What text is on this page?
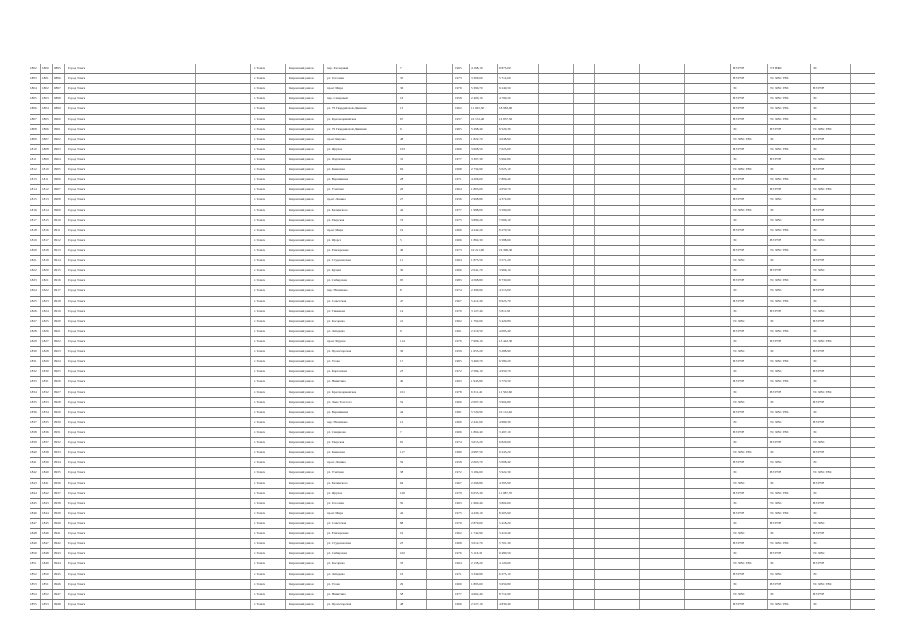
1802 1800 0895 Город Томск	г. Томск	Кировский район	пер. Заозерный	7	1965	4 168,10	8 875,00	ВЭ РУВ	ТЭ НЖС	ЭС
1803 1801 0896 Город Томск	г. Томск	Кировский район	ул. Гоголева	35	1973	3 309,00	5 712,00	ВЭ РУВ	ТС ХВС ГВС
1804 1802 0897 Город Томск	г. Томск	Кировский район	пр-кт Мира	36	1979	5 390,70	9 240,50	ЭС	ТС ХВС ГВС	ВЭ РУВ
1805 1803 0898 Город Томск	г. Томск	Кировский район	пер. Северный	16	1958	2 400,10	4 799,20	ВЭ РУВ	ТС ХВС ГВС	ЭС
1806 1804 0899 Город Томск	г. Томск	Кировский район	ул. 79 Гвардейской Дивизии	13	1962	11 925,30	18 983,00	ВЭ РУВ	ТС ХВС ГВС	ЭС
1807 1805 0900 Город Томск	г. Томск	Кировский район	ул. Красноармейская	67	1957	10 131,40	12 857,50	ВЭ РУВ	ТС ХВС ГВС	ЭС
1808 1806 0901 Город Томск	г. Томск	Кировский район	ул. 79 Гвардейской Дивизии	9	1965	5 298,40	9 520,30	ЭС	ВЭ РУВ	ТС ХВС ГВС
1809 1807 0902 Город Томск	г. Томск	Кировский район	пр-кт Кирова	48	1959	1 822,70	4 048,90	ТС ХВС ГВС	ЭС	ВЭ РУВ
1810 1808 0903 Город Томск	г. Томск	Кировский район	ул. Фрунзе	103	1966	3 608,50	7 025,00	ВЭ РУВ	ТС ХВС ГВС	ЭС
1811 1809 0904 Город Томск	г. Томск	Кировский район	ул. Партизанская	31	1977	3 307,30	5 992,80	ЭС	ВЭ РУВ	ТС ХВС
1812 1810 0905 Город Томск	г. Томск	Кировский район	ул. Киевская	92	1968	2 734,90	5 025,10	ТС ХВС ГВС	ЭС	ВЭ РУВ
1813 1811 0906 Город Томск	г. Томск	Кировский район	ул. Вершинина	28	1971	4 206,00	7 809,40	ВЭ РУВ	ТС ХВС ГВС	ЭС
1814 1812 0907 Город Томск	г. Томск	Кировский район	ул. Учебная	26	1964	1 865,00	4 050,70	ЭС	ВЭ РУВ	ТС ХВС ГВС
1815 1813 0908 Город Томск	г. Томск	Кировский район	пр-кт Ленина	27	1956	2 908,80	4 372,60	ВЭ РУВ	ТС ХВС	ЭС
1816 1814 0909 Город Томск	г. Томск	Кировский район	ул. Белинского	42	1977	1 988,00	3 590,60	ТС ХВС ГВС	ЭС	ВЭ РУВ
1817 1815 0910 Город Томск	г. Томск	Кировский район	ул. Тверская	74	1975	3 890,20	7 066,10	ЭС	ТС ХВС	ВЭ РУВ
1818 1816 0911 Город Томск	г. Томск	Кировский район	пр-кт Мира	19	1969	4 242,20	8 270,50	ВЭ РУВ	ТС ХВС ГВС	ЭС
1819 1817 0912 Город Томск	г. Томск	Кировский район	ул. Щорса	5	1966	1 892,30	3 588,60	ЭС	ВЭ РУВ	ТС ХВС
1820 1818 0913 Город Томск	г. Томск	Кировский район	ул. Елизаровых	46	1973	10 211,90	19 396,30	ВЭ РУВ	ТС ХВС ГВС	ЭС
1821 1819 0914 Город Томск	г. Томск	Кировский район	ул. Студенческая	11	1964	1 873,50	3 571,20	ТС ХВС	ЭС	ВЭ РУВ
1822 1820 0915 Город Томск	г. Томск	Кировский район	ул. Кулева	30	1960	2 041,70	3 966,10	ЭС	ВЭ РУВ	ТС ХВС
1823 1821 0916 Город Томск	г. Томск	Кировский район	ул. Сибирская	95	1983	4 568,80	8 730,60	ВЭ РУВ	ТС ХВС ГВС	ЭС
1824 1822 0917 Город Томск	г. Томск	Кировский район	пер. Нахимова	8	1974	2 390,90	4 513,00	ЭС	ТС ХВС	ВЭ РУВ
1825 1823 0918 Город Томск	г. Томск	Кировский район	ул. Советская	47	1967	5 412,30	9 925,70	ВЭ РУВ	ТС ХВС ГВС	ЭС
1826 1824 0919 Город Томск	г. Томск	Кировский район	ул. Тимакова	14	1970	3 127,40	5 811,90	ЭС	ВЭ РУВ	ТС ХВС
1827 1825 0920 Город Томск	г. Томск	Кировский район	ул. Косарева	21	1962	1 702,60	3 420,80	ТС ХВС	ЭС	ВЭ РУВ
1828 1826 0921 Город Томск	г. Томск	Кировский район	ул. Лебедева	9	1961	2 210,50	4 085,40	ВЭ РУВ	ТС ХВС ГВС	ЭС
1829 1827 0922 Город Томск	г. Томск	Кировский район	пр-кт Фрунзе	114	1976	7 906,10	13 442,30	ЭС	ВЭ РУВ	ТС ХВС ГВС
1830 1828 0923 Город Томск	г. Томск	Кировский район	ул. Пролетарская	36	1959	1 655,20	3 288,90	ТС ХВС	ЭС	ВЭ РУВ
1831 1829 0924 Город Томск	г. Томск	Кировский район	ул. Усова	17	1965	3 460,70	6 580,20	ВЭ РУВ	ТС ХВС ГВС	ЭС
1832 1830 0925 Город Томск	г. Томск	Кировский район	ул. Карташова	23	1972	2 584,10	4 950,70	ЭС	ТС ХВС	ВЭ РУВ
1833 1831 0926 Город Томск	г. Томск	Кировский район	ул. Никитина	40	1963	1 945,80	3 770,50	ВЭ РУВ	ТС ХВС ГВС	ЭС
1834 1832 0927 Город Томск	г. Томск	Кировский район	ул. Красноармейская	101	1978	6 311,40	11 502,60	ЭС	ВЭ РУВ	ТС ХВС ГВС
1835 1833 0928 Город Томск	г. Томск	Кировский район	ул. Льва Толстого	52	1960	2 007,30	3 904,80	ТС ХВС	ЭС	ВЭ РУВ
1836 1834 0929 Город Томск	г. Томск	Кировский район	ул. Вершинина	44	1981	5 720,90	10 112,40	ВЭ РУВ	ТС ХВС ГВС	ЭС
1837 1835 0930 Город Томск	г. Томск	Кировский район	пер. Нахимова	12	1969	2 441,60	4 680,30	ЭС	ТС ХВС	ВЭ РУВ
1838 1836 0931 Город Томск	г. Томск	Кировский район	ул. Смирнова	7	1966	1 802,40	3 497,10	ВЭ РУВ	ТС ХВС ГВС	ЭС
1839 1837 0932 Город Томск	г. Томск	Кировский район	ул. Тверская	81	1974	3 615,20	6 829,60	ЭС	ВЭ РУВ	ТС ХВС
1840 1838 0933 Город Томск	г. Томск	Кировский район	ул. Киевская	117	1980	4 987,50	9 245,20	ТС ХВС ГВС	ЭС	ВЭ РУВ
1841 1839 0934 Город Томск	г. Томск	Кировский район	пр-кт Ленина	59	1958	2 603,70	5 008,40	ВЭ РУВ	ТС ХВС	ЭС
1842 1840 0935 Город Томск	г. Томск	Кировский район	ул. Учебная	38	1972	3 184,60	5 922,30	ЭС	ВЭ РУВ	ТС ХВС ГВС
1843 1841 0936 Город Томск	г. Томск	Кировский район	ул. Белинского	64	1967	2 296,80	4 395,90	ТС ХВС	ЭС	ВЭ РУВ
1844 1842 0937 Город Томск	г. Томск	Кировский район	ул. Фрунзе	126	1979	6 055,30	11 087,70	ВЭ РУВ	ТС ХВС ГВС	ЭС
1845 1843 0938 Город Томск	г. Томск	Кировский район	ул. Гоголева	50	1963	1 960,40	3 802,60	ЭС	ТС ХВС	ВЭ РУВ
1846 1844 0939 Город Томск	г. Томск	Кировский район	пр-кт Мира	42	1975	4 430,10	8 205,90	ВЭ РУВ	ТС ХВС ГВС	ЭС
1847 1845 0940 Город Томск	г. Томск	Кировский район	ул. Советская	88	1970	2 870,60	5 418,20	ЭС	ВЭ РУВ	ТС ХВС
1848 1846 0941 Город Томск	г. Томск	Кировский район	ул. Елизаровых	19	1962	1 742,90	3 410,40	ТС ХВС	ЭС	ВЭ РУВ
1849 1847 0942 Город Томск	г. Томск	Кировский район	ул. Студенческая	25	1968	3 012,70	5 701,30	ВЭ РУВ	ТС ХВС ГВС	ЭС
1850 1848 0943 Город Томск	г. Томск	Кировский район	ул. Сибирская	102	1976	5 116,30	9 480,50	ЭС	ВЭ РУВ	ТС ХВС
1851 1849 0944 Город Томск	г. Томск	Кировский район	ул. Косарева	33	1964	2 158,20	4 120,60	ТС ХВС ГВС	ЭС	ВЭ РУВ
1852 1850 0945 Город Томск	г. Томск	Кировский район	ул. Лебедева	16	1971	3 349,80	6 275,10	ВЭ РУВ	ТС ХВС	ЭС
1853 1851 0946 Город Томск	г. Томск	Кировский район	ул. Усова	29	1960	1 895,60	3 650,80	ЭС	ВЭ РУВ	ТС ХВС ГВС
1854 1852 0947 Город Томск	г. Томск	Кировский район	ул. Никитина	58	1977	4 662,40	8 712,90	ТС ХВС	ЭС	ВЭ РУВ
1855 1853 0948 Город Томск	г. Томск	Кировский район	ул. Пролетарская	48	1966	2 527,10	4 830,40	ВЭ РУВ	ТС ХВС ГВС	ЭС
